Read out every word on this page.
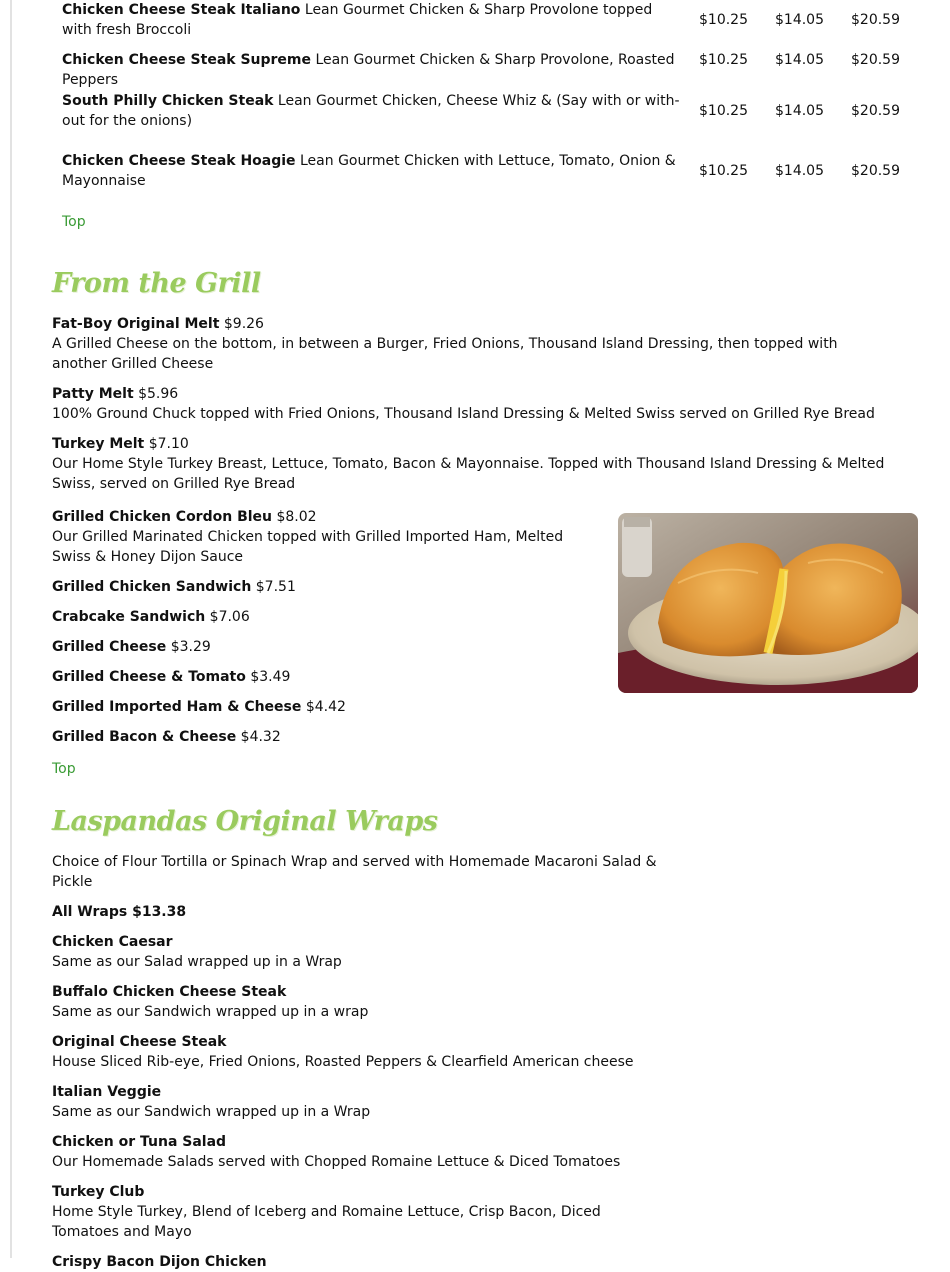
Chicken Cheese Steak Italiano Lean Gourmet Chicken & Sharp Provolone topped with fresh Broccoli
$10.25 $14.05 $20.59
Chicken Cheese Steak Supreme Lean Gourmet Chicken & Sharp Provolone, Roasted Peppers
$10.25 $14.05 $20.59
South Philly Chicken Steak Lean Gourmet Chicken, Cheese Whiz & (Say with or with-out for the onions)
$10.25 $14.05 $20.59
Chicken Cheese Steak Hoagie Lean Gourmet Chicken with Lettuce, Tomato, Onion & Mayonnaise
$10.25 $14.05 $20.59
Top
From the Grill
Fat-Boy Original Melt $9.26
A Grilled Cheese on the bottom, in between a Burger, Fried Onions, Thousand Island Dressing, then topped with another Grilled Cheese
Patty Melt $5.96
100% Ground Chuck topped with Fried Onions, Thousand Island Dressing & Melted Swiss served on Grilled Rye Bread
Turkey Melt $7.10
Our Home Style Turkey Breast, Lettuce, Tomato, Bacon & Mayonnaise. Topped with Thousand Island Dressing & Melted Swiss, served on Grilled Rye Bread
Grilled Chicken Cordon Bleu $8.02
Our Grilled Marinated Chicken topped with Grilled Imported Ham, Melted Swiss & Honey Dijon Sauce
Grilled Chicken Sandwich $7.51
Crabcake Sandwich $7.06
Grilled Cheese $3.29
Grilled Cheese & Tomato $3.49
Grilled Imported Ham & Cheese $4.42
Grilled Bacon & Cheese $4.32
Top
Laspandas Original Wraps
Choice of Flour Tortilla or Spinach Wrap and served with Homemade Macaroni Salad & Pickle
All Wraps $13.38
Chicken Caesar
Same as our Salad wrapped up in a Wrap
Buffalo Chicken Cheese Steak
Same as our Sandwich wrapped up in a wrap
Original Cheese Steak
House Sliced Rib-eye, Fried Onions, Roasted Peppers & Clearfield American cheese
Italian Veggie
Same as our Sandwich wrapped up in a Wrap
Chicken or Tuna Salad
Our Homemade Salads served with Chopped Romaine Lettuce & Diced Tomatoes
Turkey Club
Home Style Turkey, Blend of Iceberg and Romaine Lettuce, Crisp Bacon, Diced Tomatoes and Mayo
Crispy Bacon Dijon Chicken
